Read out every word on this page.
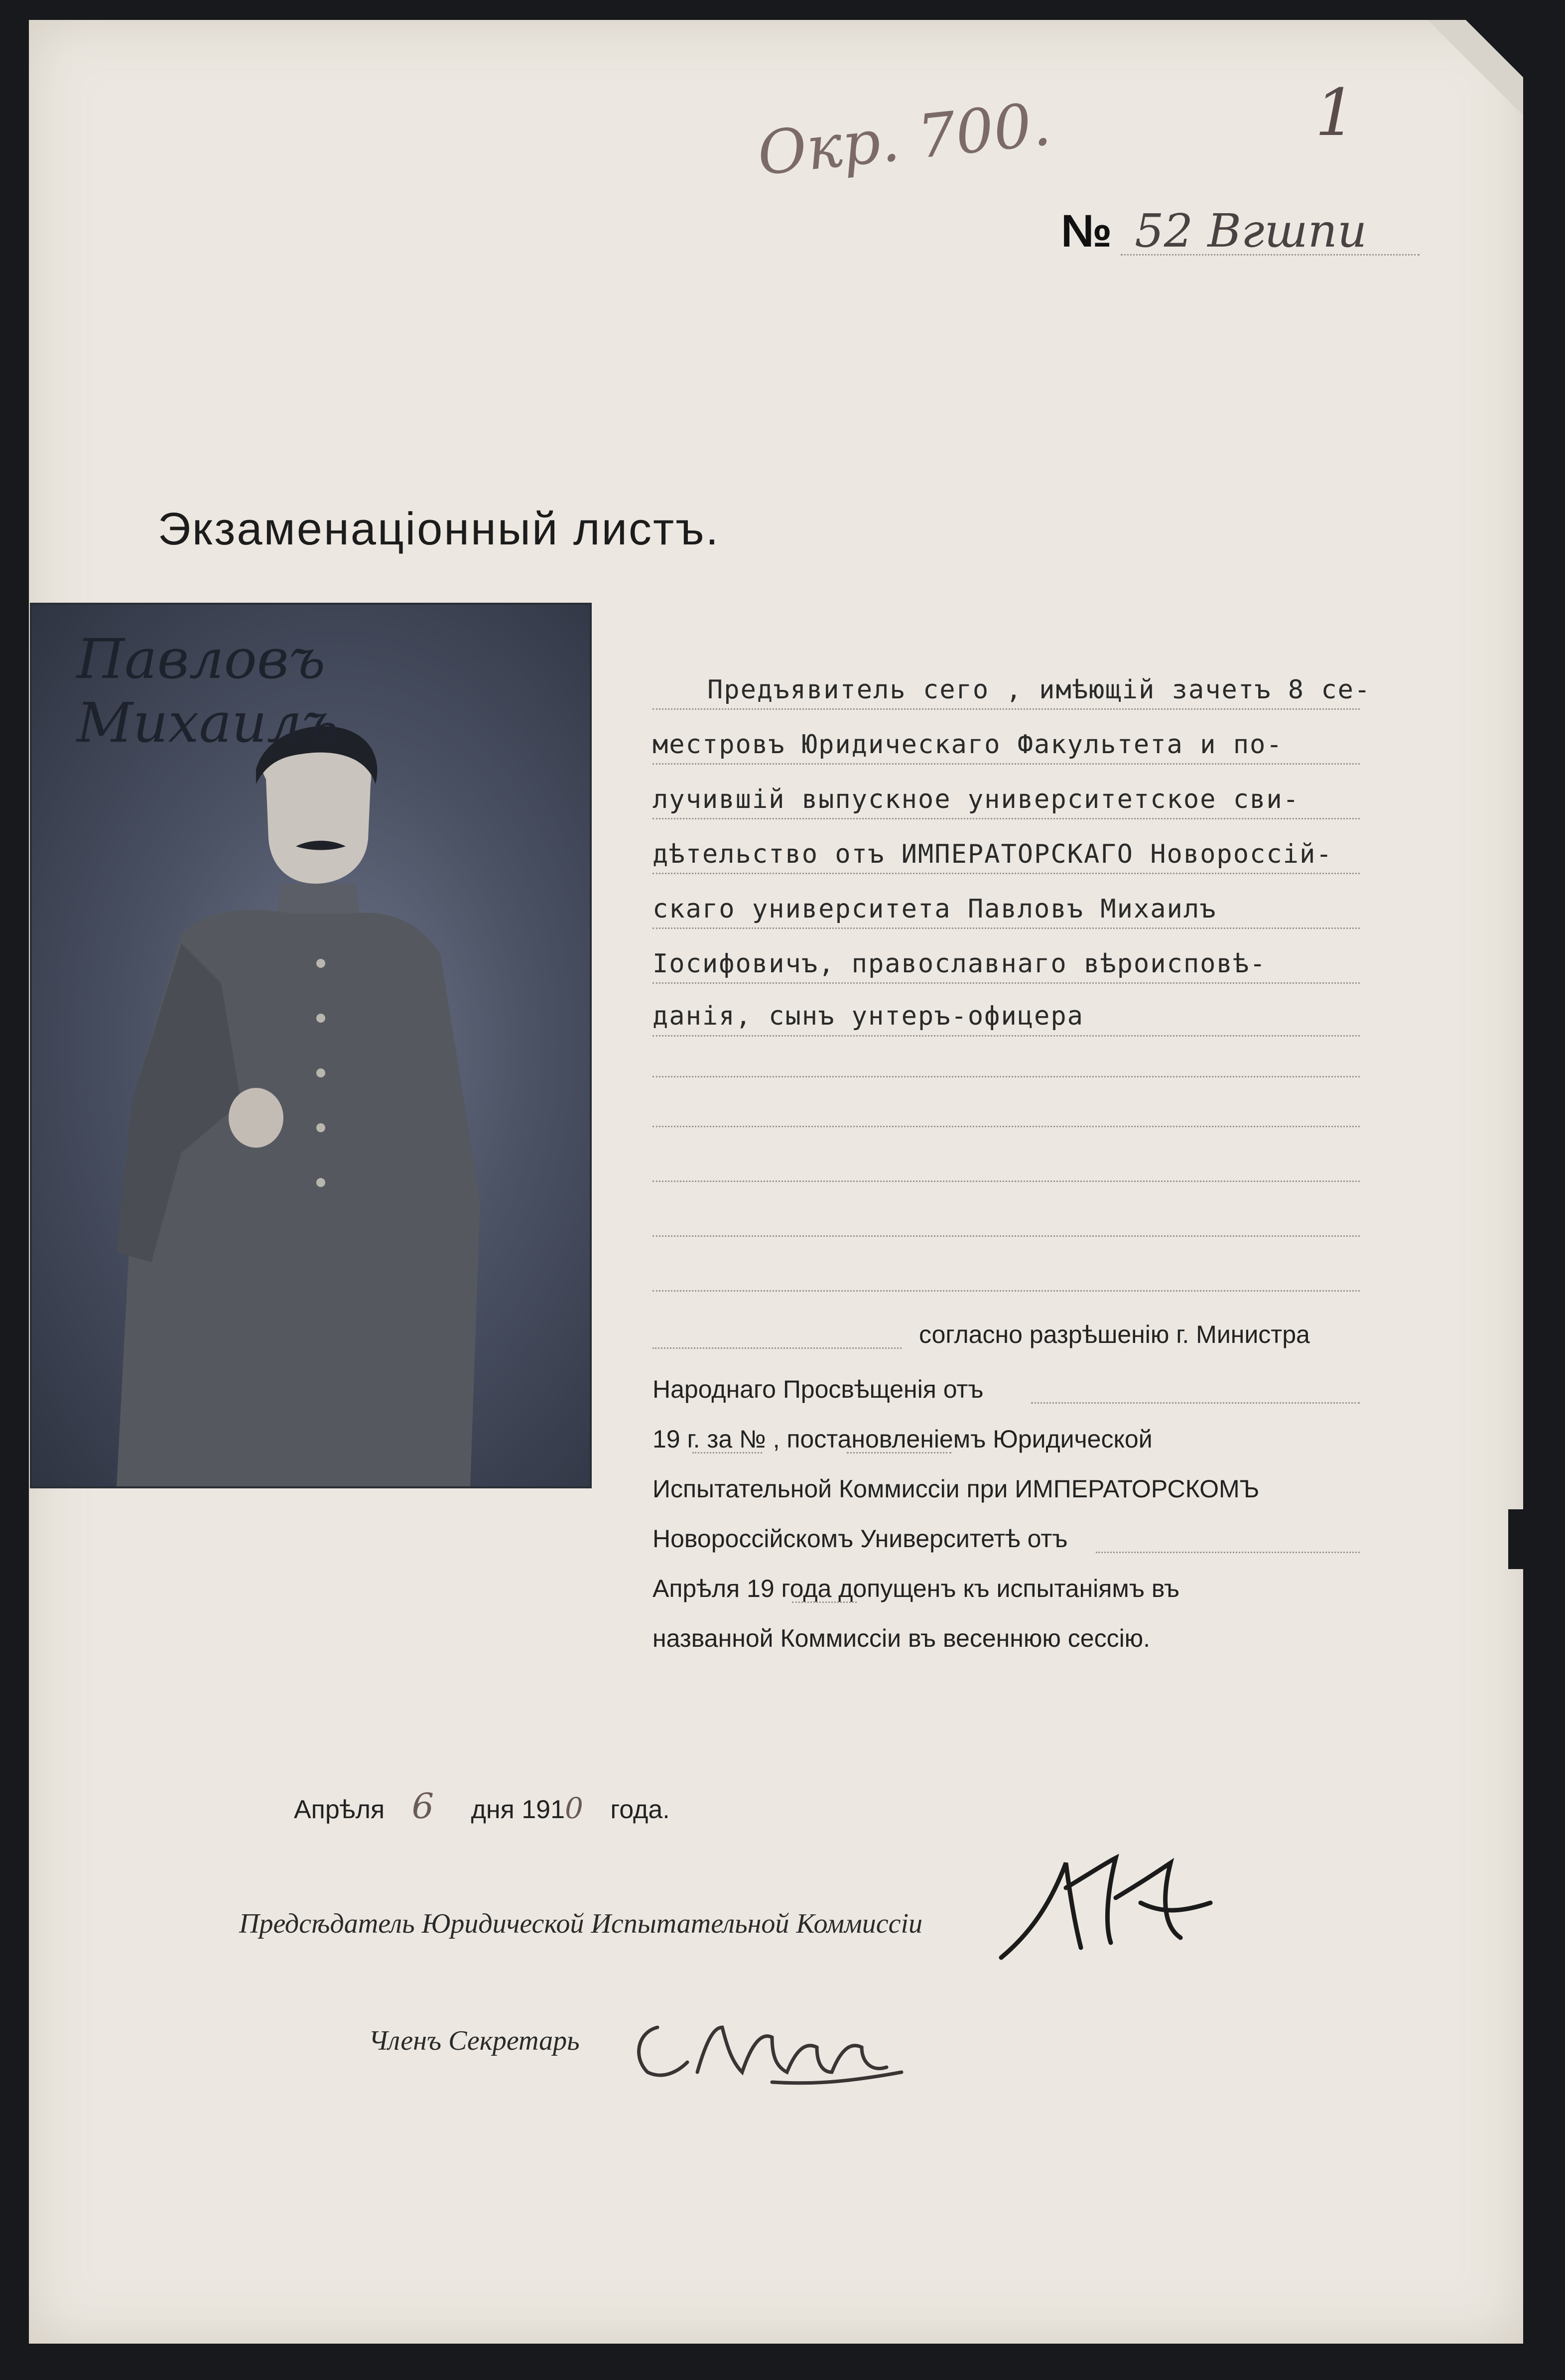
Окр. 700.	1
№ 52 Bгшпи
Экзаменаціонный листъ.
Павловъ Михаилъ
Предъявитель сего , имѣющій зачетъ 8 се-
местровъ Юридическаго Факультета и по-
лучившій выпускное университетское сви-
дѣтельство отъ ИМПЕРАТОРСКАГО Новороссій-
скаго университета Павловъ Михаилъ
Іосифовичъ, православнаго вѣроисповѣ-
данія, сынъ унтеръ-офицера
согласно разрѣшенію г. Министра
Народнаго Просвѣщенія отъ
19 г. за № , постановленіемъ Юридической
Испытательной Коммиссіи при ИМПЕРАТОРСКОМЪ
Новороссійскомъ Университетѣ отъ
Апрѣля 19 года допущенъ къ испытаніямъ въ
названной Коммиссіи въ весеннюю сессію.
Апрѣля 6 дня 1910 года.
Предсѣдатель Юридической Испытательной Коммиссіи
Членъ Секретарь
